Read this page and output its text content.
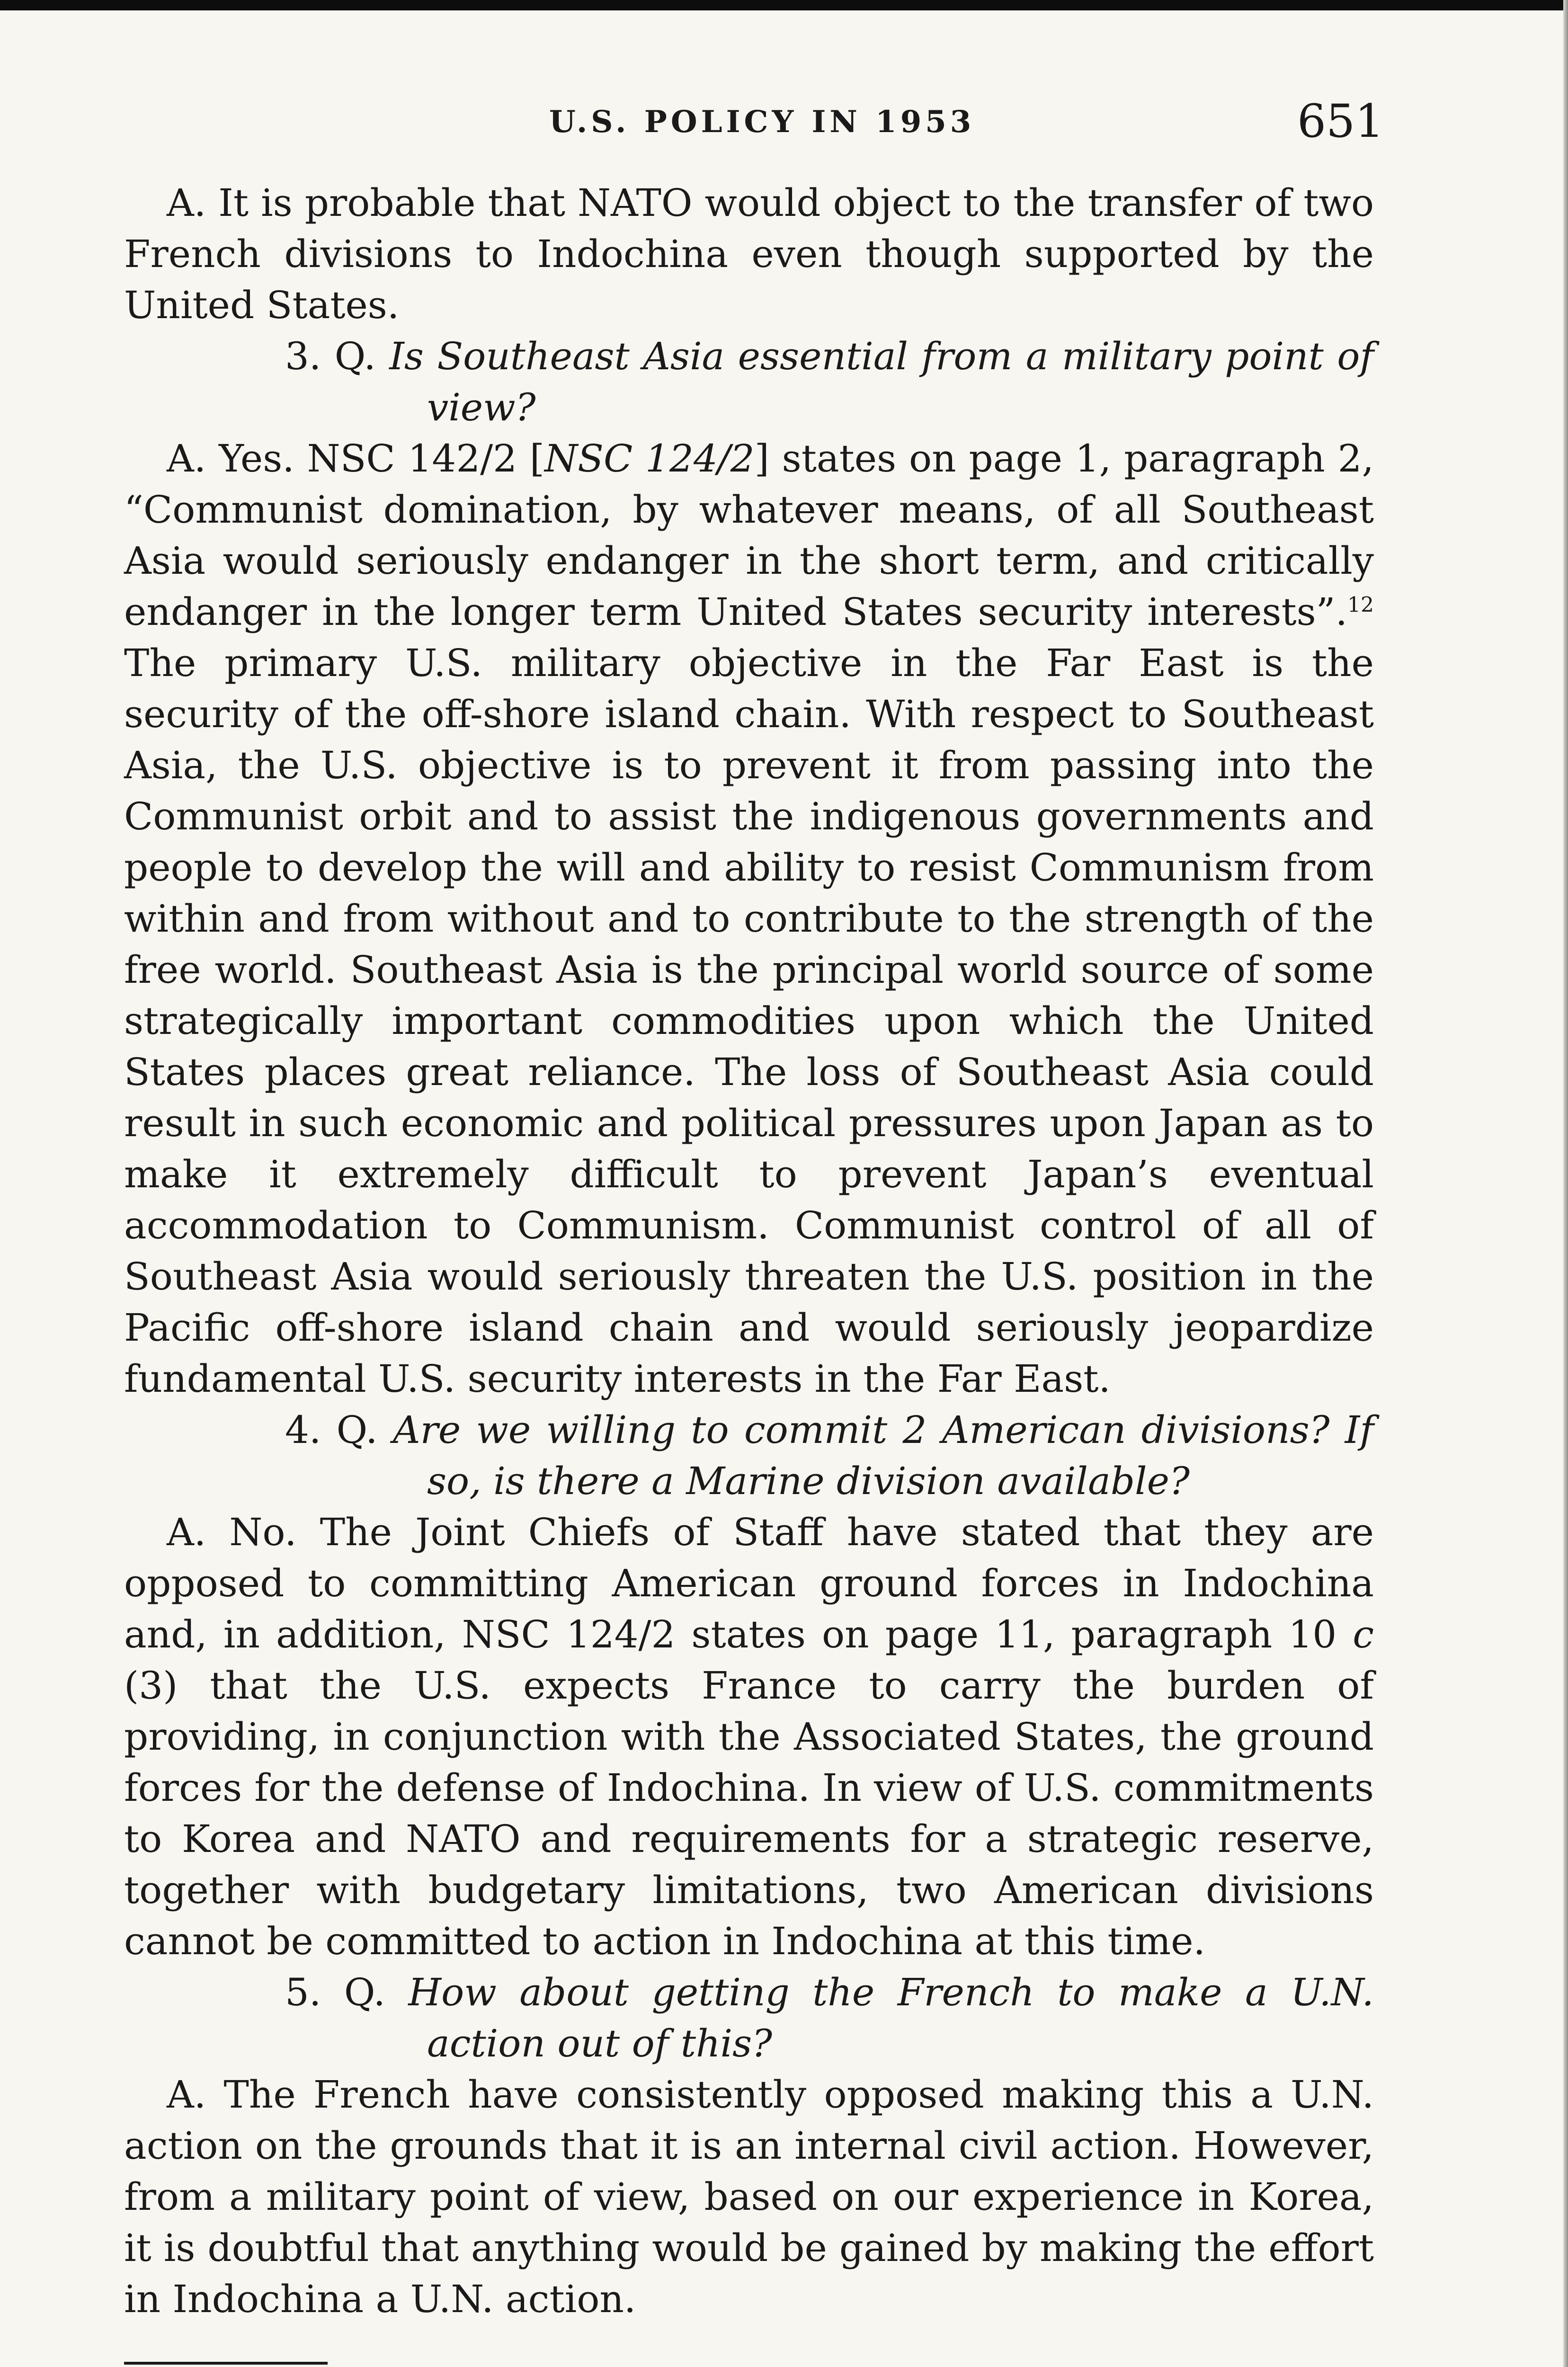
U.S. POLICY IN 1953	651

A. It is probable that NATO would object to the transfer of two French divisions to Indochina even though supported by the United States.

3. Q. Is Southeast Asia essential from a military point of view?

A. Yes. NSC 142/2 [NSC 124/2] states on page 1, paragraph 2, “Communist domination, by whatever means, of all Southeast Asia would seriously endanger in the short term, and critically endanger in the longer term United States security interests”.$^{12}$ The primary U.S. military objective in the Far East is the security of the off-shore island chain. With respect to Southeast Asia, the U.S. objective is to prevent it from passing into the Communist orbit and to assist the indigenous governments and people to develop the will and ability to resist Communism from within and from without and to contribute to the strength of the free world. Southeast Asia is the principal world source of some strategically important commodities upon which the United States places great reliance. The loss of Southeast Asia could result in such economic and political pressures upon Japan as to make it extremely difficult to prevent Japan’s eventual accommodation to Communism. Communist control of all of Southeast Asia would seriously threaten the U.S. position in the Pacific off-shore island chain and would seriously jeopardize fundamental U.S. security interests in the Far East.

4. Q. Are we willing to commit 2 American divisions? If so, is there a Marine division available?

A. No. The Joint Chiefs of Staff have stated that they are opposed to committing American ground forces in Indochina and, in addition, NSC 124/2 states on page 11, paragraph 10 c (3) that the U.S. expects France to carry the burden of providing, in conjunction with the Associated States, the ground forces for the defense of Indochina. In view of U.S. commitments to Korea and NATO and requirements for a strategic reserve, together with budgetary limitations, two American divisions cannot be committed to action in Indochina at this time.

5. Q. How about getting the French to make a U.N. action out of this?

A. The French have consistently opposed making this a U.N. action on the grounds that it is an internal civil action. However, from a military point of view, based on our experience in Korea, it is doubtful that anything would be gained by making the effort in Indochina a U.N. action.
